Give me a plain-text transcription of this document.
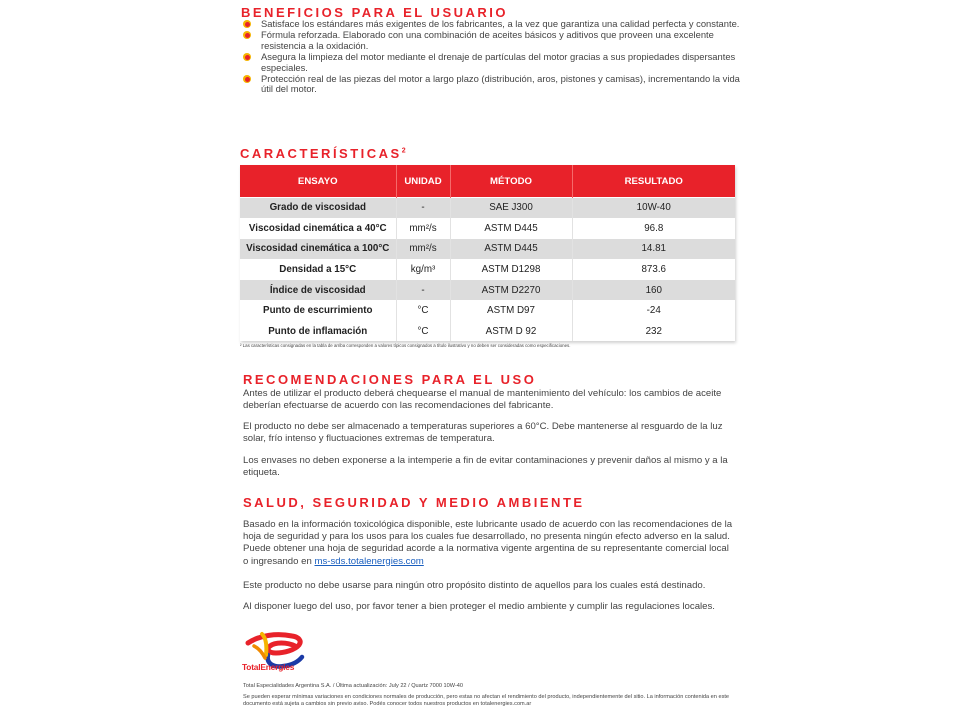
BENEFICIOS PARA EL USUARIO
Satisface los estándares más exigentes de los fabricantes, a la vez que garantiza una calidad perfecta y constante.
Fórmula reforzada. Elaborado con una combinación de aceites básicos y aditivos que proveen una excelente resistencia a la oxidación.
Asegura la limpieza del motor mediante el drenaje de partículas del motor gracias a sus propiedades dispersantes especiales.
Protección real de las piezas del motor a largo plazo (distribución, aros, pistones y camisas), incrementando la vida útil del motor.
CARACTERÍSTICAS$^2$
ENSAYO	UNIDAD	MÉTODO	RESULTADO
Grado de viscosidad	-	SAE J300	10W-40
Viscosidad cinemática a 40°C	mm²/s	ASTM D445	96.8
Viscosidad cinemática a 100°C	mm²/s	ASTM D445	14.81
Densidad a 15°C	kg/m³	ASTM D1298	873.6
Índice de viscosidad	-	ASTM D2270	160
Punto de escurrimiento	°C	ASTM D97	-24
Punto de inflamación	°C	ASTM D 92	232
² Las características consignadas en la tabla de arriba corresponden a valores típicos consignados a título ilustrativo y no deben ser consideradas como especificaciones.
RECOMENDACIONES PARA EL USO

Antes de utilizar el producto deberá chequearse el manual de mantenimiento del vehículo: los cambios de aceite deberían efectuarse de acuerdo con las recomendaciones del fabricante.

El producto no debe ser almacenado a temperaturas superiores a 60°C. Debe mantenerse al resguardo de la luz solar, frío intenso y fluctuaciones extremas de temperatura.

Los envases no deben exponerse a la intemperie a fin de evitar contaminaciones y prevenir daños al mismo y a la etiqueta.

SALUD, SEGURIDAD Y MEDIO AMBIENTE

Basado en la información toxicológica disponible, este lubricante usado de acuerdo con las recomendaciones de la hoja de seguridad y para los usos para los cuales fue desarrollado, no presenta ningún efecto adverso en la salud. Puede obtener una hoja de seguridad acorde a la normativa vigente argentina de su representante comercial local o ingresando en ms-sds.totalenergies.com

Este producto no debe usarse para ningún otro propósito distinto de aquellos para los cuales está destinado.

Al disponer luego del uso, por favor tener a bien proteger el medio ambiente y cumplir las regulaciones locales.

TotalEnergies

Total Especialidades Argentina S.A. / Última actualización: July 22 / Quartz 7000 10W-40

Se pueden esperar mínimas variaciones en condiciones normales de producción, pero estas no afectan el rendimiento del producto, independientemente del sitio. La información contenida en este documento está sujeta a cambios sin previo aviso. Podés conocer todos nuestros productos en totalenergies.com.ar
